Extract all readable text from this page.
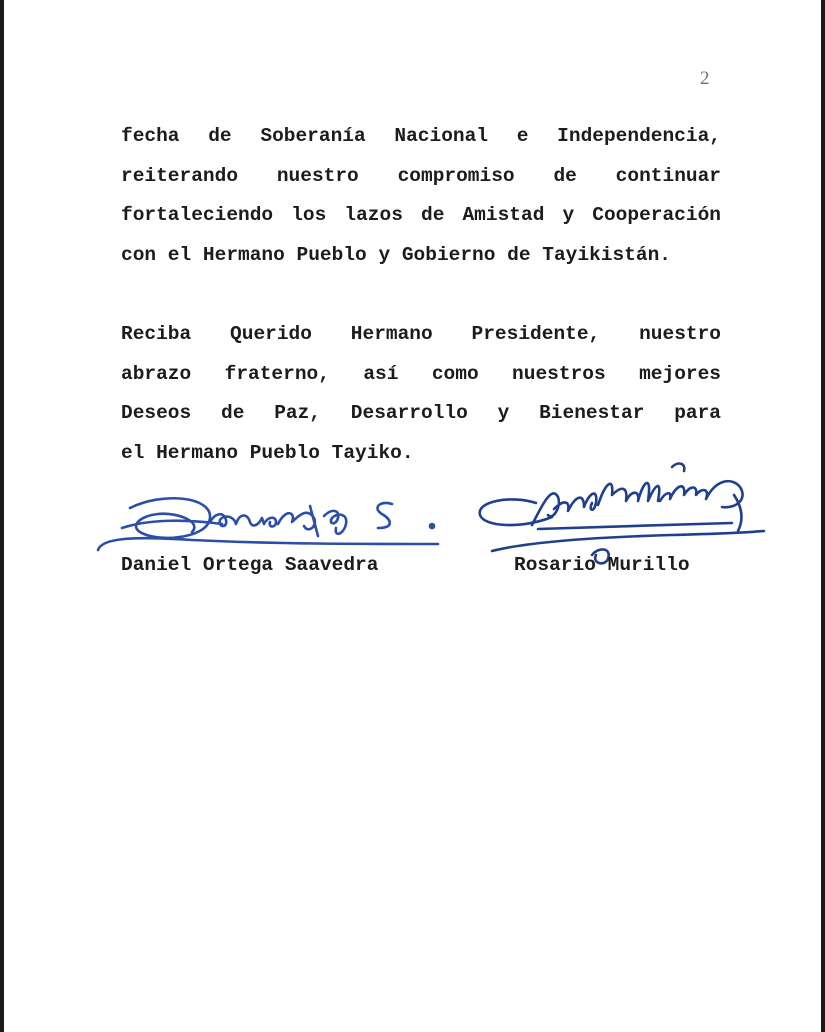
2
fecha de Soberanía Nacional e Independencia,
reiterando nuestro compromiso de continuar
fortaleciendo los lazos de Amistad y Cooperación
con el Hermano Pueblo y Gobierno de Tayikistán.
Reciba Querido Hermano Presidente, nuestro
abrazo fraterno, así como nuestros mejores
Deseos de Paz, Desarrollo y Bienestar para
el Hermano Pueblo Tayiko.
Daniel Ortega Saavedra	Rosario Murillo
